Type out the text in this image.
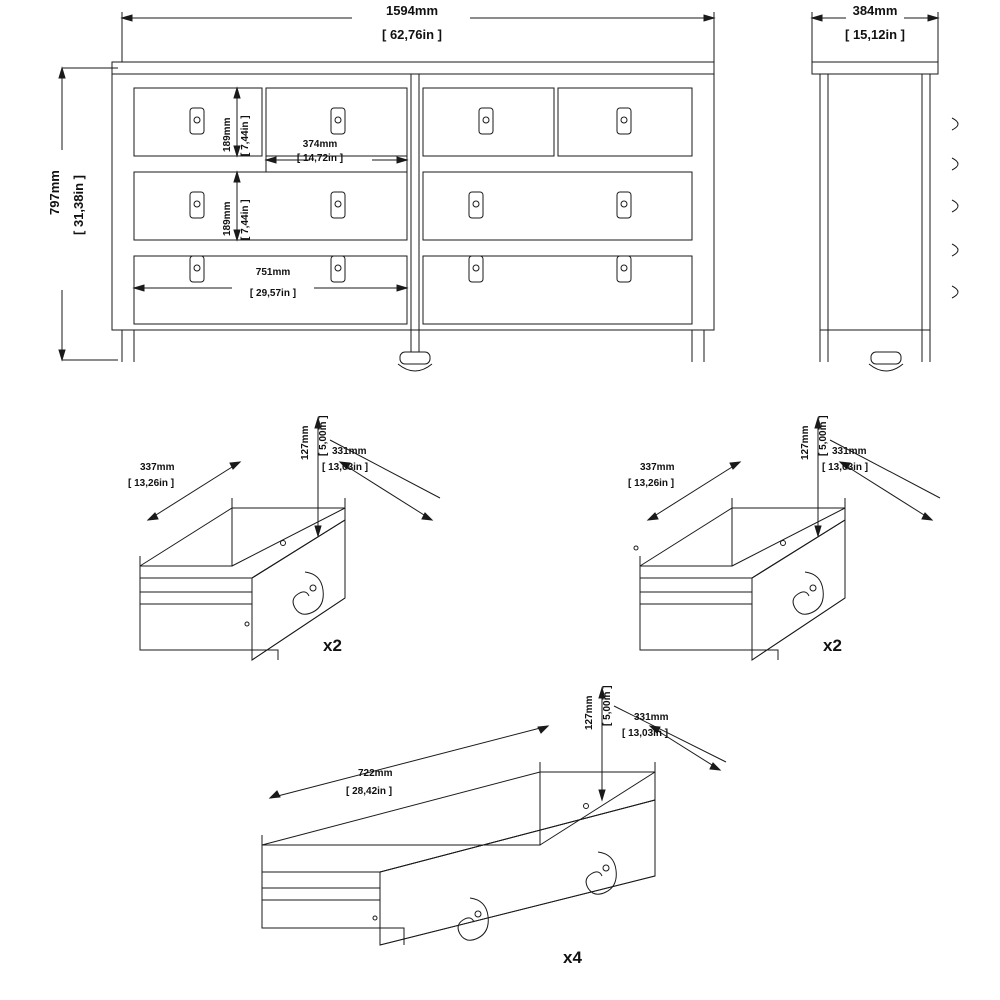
1594mm
[ 62,76in ]
797mm [ 31,38in ]
189mm [ 7,44in ]
189mm [ 7,44in ]
374mm
[ 14,72in ]
751mm
[ 29,57in ]
384mm
[ 15,12in ]
127mm [ 5,00in ] 331mm
[ 13,03in ]
337mm
[ 13,26in ]
x2
127mm [ 5,00in ] 331mm
[ 13,03in ]
337mm
[ 13,26in ]
x2
127mm [ 5,00in ] 331mm
[ 13,03in ]
722mm
[ 28,42in ]
x4
